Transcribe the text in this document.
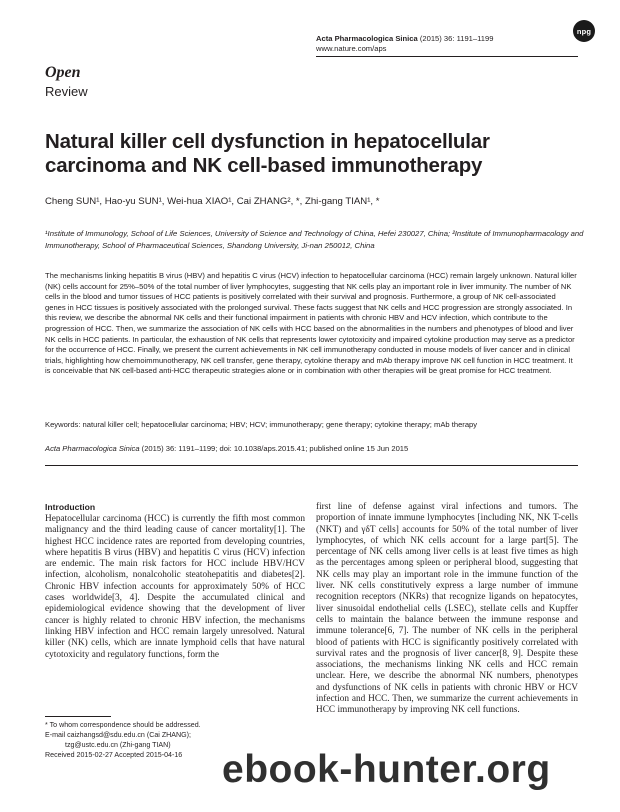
Acta Pharmacologica Sinica (2015) 36: 1191–1199
www.nature.com/aps
npg
Open
Review
Natural killer cell dysfunction in hepatocellular carcinoma and NK cell-based immunotherapy
Cheng SUN¹, Hao-yu SUN¹, Wei-hua XIAO¹, Cai ZHANG², *, Zhi-gang TIAN¹, *
¹Institute of Immunology, School of Life Sciences, University of Science and Technology of China, Hefei 230027, China; ²Institute of Immunopharmacology and Immunotherapy, School of Pharmaceutical Sciences, Shandong University, Ji-nan 250012, China

The mechanisms linking hepatitis B virus (HBV) and hepatitis C virus (HCV) infection to hepatocellular carcinoma (HCC) remain largely unknown. Natural killer (NK) cells account for 25%–50% of the total number of liver lymphocytes, suggesting that NK cells play an important role in liver immunity. The number of NK cells in the blood and tumor tissues of HCC patients is positively correlated with their survival and prognosis. Furthermore, a group of NK cell-associated genes in HCC tissues is positively associated with the prolonged survival. These facts suggest that NK cells and HCC progression are strongly associated. In this review, we describe the abnormal NK cells and their functional impairment in patients with chronic HBV and HCV infection, which contribute to the progression of HCC. Then, we summarize the association of NK cells with HCC based on the abnormalities in the numbers and phenotypes of blood and liver NK cells in HCC patients. In particular, the exhaustion of NK cells that represents lower cytotoxicity and impaired cytokine production may serve as a predictor for the occurrence of HCC. Finally, we present the current achievements in NK cell immunotherapy conducted in mouse models of liver cancer and in clinical trials, highlighting how chemoimmunotherapy, NK cell transfer, gene therapy, cytokine therapy and mAb therapy improve NK cell function in HCC treatment. It is conceivable that NK cell-based anti-HCC therapeutic strategies alone or in combination with other therapies will be great promise for HCC treatment.

Keywords: natural killer cell; hepatocellular carcinoma; HBV; HCV; immunotherapy; gene therapy; cytokine therapy; mAb therapy

Acta Pharmacologica Sinica (2015) 36: 1191–1199; doi: 10.1038/aps.2015.41; published online 15 Jun 2015

Introduction

Hepatocellular carcinoma (HCC) is currently the fifth most common malignancy and the third leading cause of cancer mortality[1]. The highest HCC incidence rates are reported from developing countries, where hepatitis B virus (HBV) and hepatitis C virus (HCV) infection are endemic. The main risk factors for HCC include HBV/HCV infection, alcoholism, nonalcoholic steatohepatitis and diabetes[2]. Chronic HBV infection accounts for approximately 50% of HCC cases worldwide[3, 4]. Despite the accumulated clinical and epidemiological evidence showing that the development of liver cancer is highly related to chronic HBV infection, the mechanisms linking HBV infection and HCC remain largely unresolved. Natural killer (NK) cells, which are innate lymphoid cells that have natural cytotoxicity and regulatory functions, form the

first line of defense against viral infections and tumors. The proportion of innate immune lymphocytes [including NK, NK T-cells (NKT) and γδT cells] accounts for 50% of the total number of liver lymphocytes, of which NK cells account for a large part[5]. The percentage of NK cells among liver cells is at least five times as high as the percentages among spleen or peripheral blood, suggesting that NK cells may play an important role in the immune function of the liver. NK cells constitutively express a large number of immune recognition receptors (NKRs) that recognize ligands on hepatocytes, liver sinusoidal endothelial cells (LSEC), stellate cells and Kupffer cells to maintain the balance between the immune response and immune tolerance[6, 7]. The number of NK cells in the peripheral blood of patients with HCC is significantly positively correlated with survival rates and the prognosis of liver cancer[8, 9]. Despite these associations, the mechanisms linking NK cells and HCC remain unclear. Here, we describe the abnormal NK numbers, phenotypes and dysfunctions of NK cells in patients with chronic HBV or HCV infection and HCC. Then, we summarize the current achievements in HCC immunotherapy by improving NK cell functions.

* To whom correspondence should be addressed.
E-mail caizhangsd@sdu.edu.cn (Cai ZHANG);
tzg@ustc.edu.cn (Zhi-gang TIAN)
Received 2015-02-27 Accepted 2015-04-16	ebook-hunter.org
